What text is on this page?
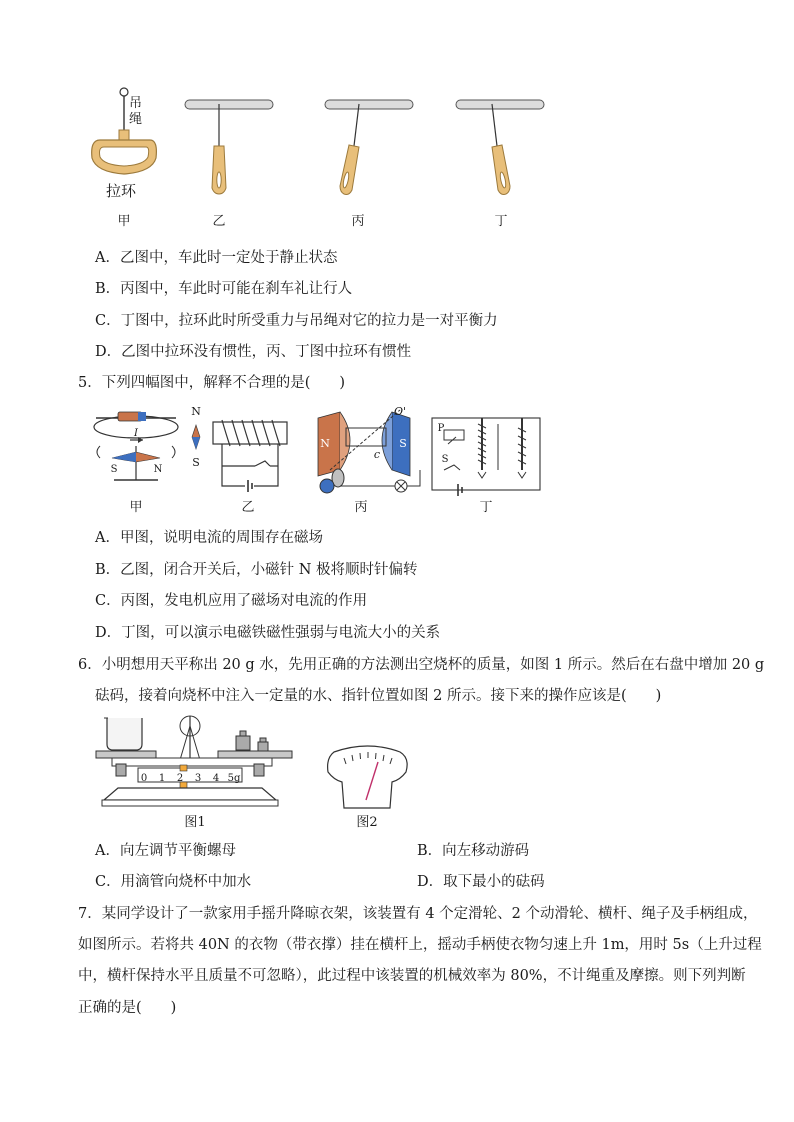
吊
绳
拉环
甲	乙	丙	丁
A．乙图中，车此时一定处于静止状态
B．丙图中，车此时可能在刹车礼让行人
C．丁图中，拉环此时所受重力与吊绳对它的拉力是一对平衡力
D．乙图中拉环没有惯性，丙、丁图中拉环有惯性
5．下列四幅图中，解释不合理的是(　　)
N
S
S	N
I
N	S
O'
c
P
S
甲	乙	丙	丁
A．甲图，说明电流的周围存在磁场
B．乙图，闭合开关后，小磁针 N 极将顺时针偏转
C．丙图，发电机应用了磁场对电流的作用
D．丁图，可以演示电磁铁磁性强弱与电流大小的关系
6．小明想用天平称出 20 g 水，先用正确的方法测出空烧杯的质量，如图 1 所示。然后在右盘中增加 20 g
砝码，接着向烧杯中注入一定量的水、指针位置如图 2 所示。接下来的操作应该是(　　)
0 1 2 3 4 5g
图1	图2
A．向左调节平衡螺母	B．向左移动游码
C．用滴管向烧杯中加水	D．取下最小的砝码
7．某同学设计了一款家用手摇升降晾衣架，该装置有 4 个定滑轮、2 个动滑轮、横杆、绳子及手柄组成，
如图所示。若将共 40N 的衣物（带衣撑）挂在横杆上，摇动手柄使衣物匀速上升 1m，用时 5s（上升过程
中，横杆保持水平且质量不可忽略），此过程中该装置的机械效率为 80%，不计绳重及摩擦。则下列判断
正确的是(　　)
